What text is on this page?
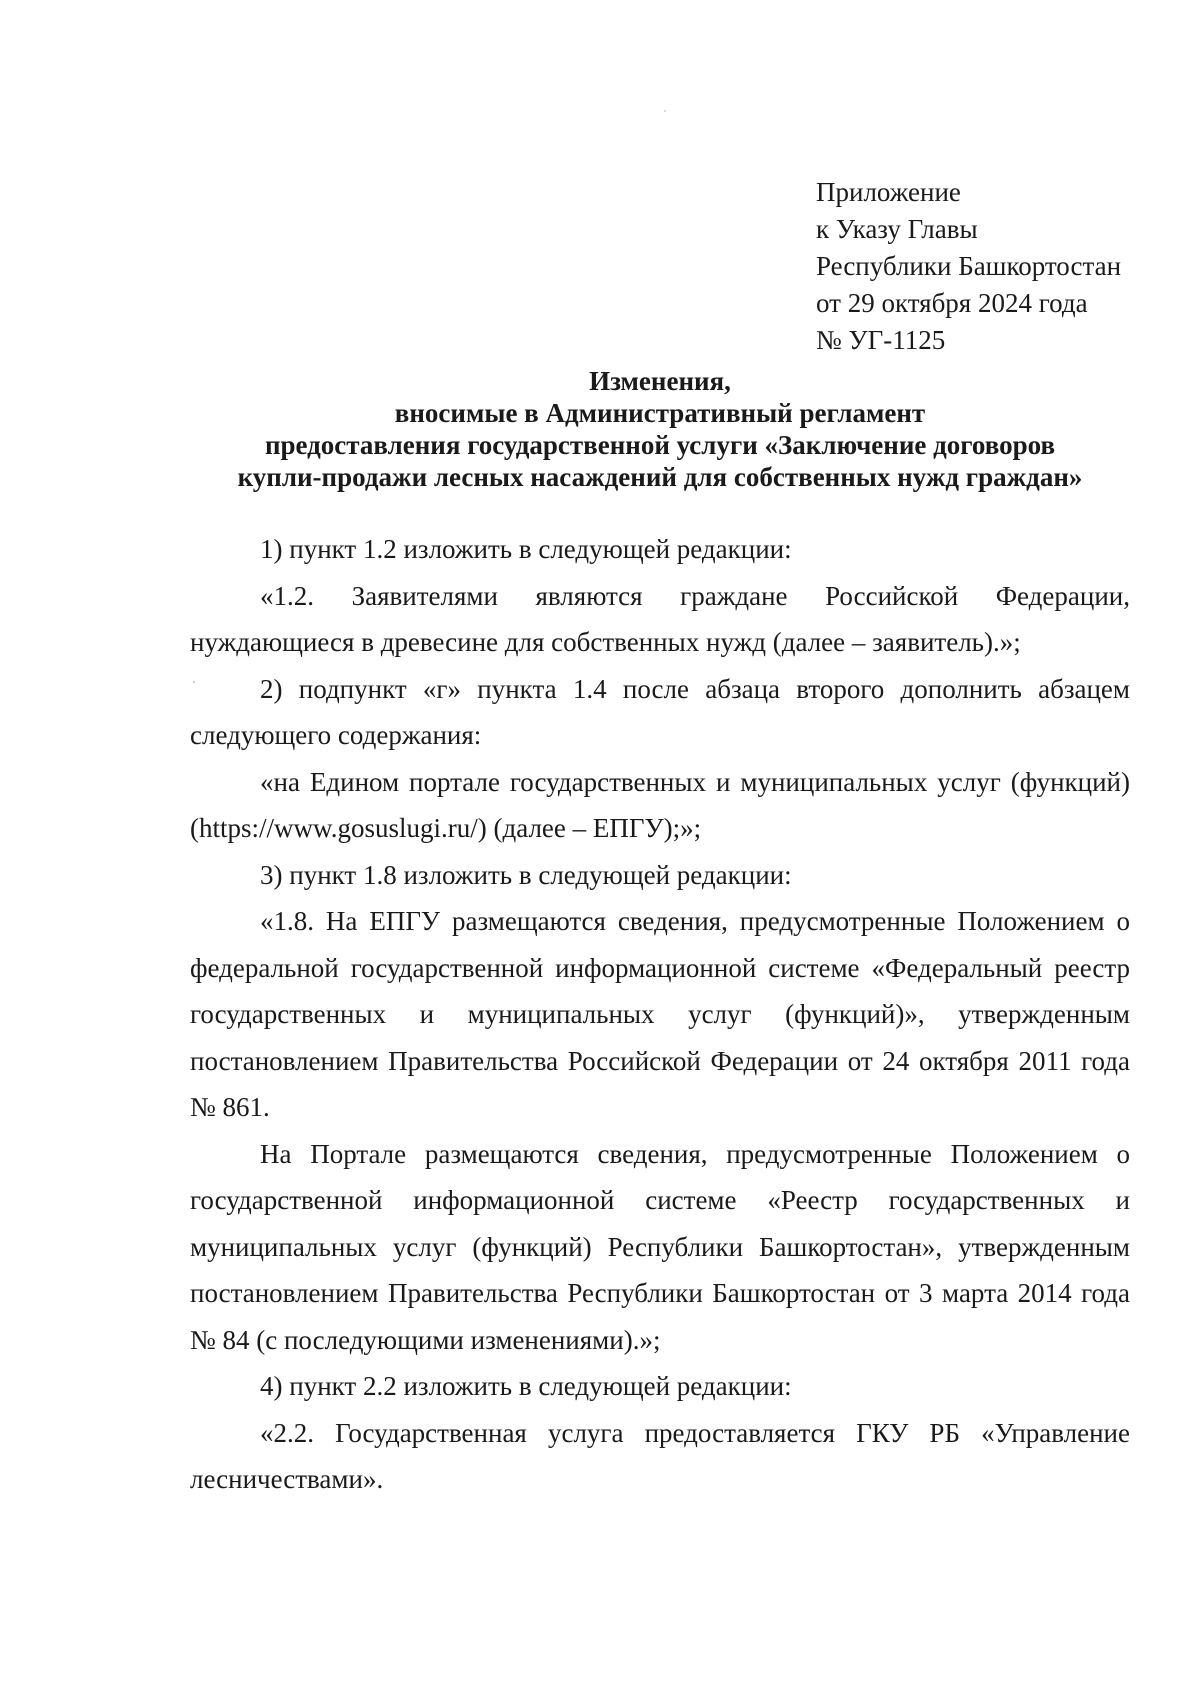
Приложение
к Указу Главы
Республики Башкортостан
от 29 октября 2024 года
№ УГ-1125
Изменения,
вносимые в Административный регламент
предоставления государственной услуги «Заключение договоров
купли-продажи лесных насаждений для собственных нужд граждан»

1) пункт 1.2 изложить в следующей редакции:

«1.2. Заявителями являются граждане Российской Федерации, нуждающиеся в древесине для собственных нужд (далее – заявитель).»;

2) подпункт «г» пункта 1.4 после абзаца второго дополнить абзацем следующего содержания:

«на Едином портале государственных и муниципальных услуг (функций) (https://www.gosuslugi.ru/) (далее – ЕПГУ);»;

3) пункт 1.8 изложить в следующей редакции:

«1.8. На ЕПГУ размещаются сведения, предусмотренные Положением о федеральной государственной информационной системе «Федеральный реестр государственных и муниципальных услуг (функций)», утвержденным постановлением Правительства Российской Федерации от 24 октября 2011 года № 861.

На Портале размещаются сведения, предусмотренные Положением о государственной информационной системе «Реестр государственных и муниципальных услуг (функций) Республики Башкортостан», утвержденным постановлением Правительства Республики Башкортостан от 3 марта 2014 года № 84 (с последующими изменениями).»;

4) пункт 2.2 изложить в следующей редакции:

«2.2. Государственная услуга предоставляется ГКУ РБ «Управление лесничествами».
